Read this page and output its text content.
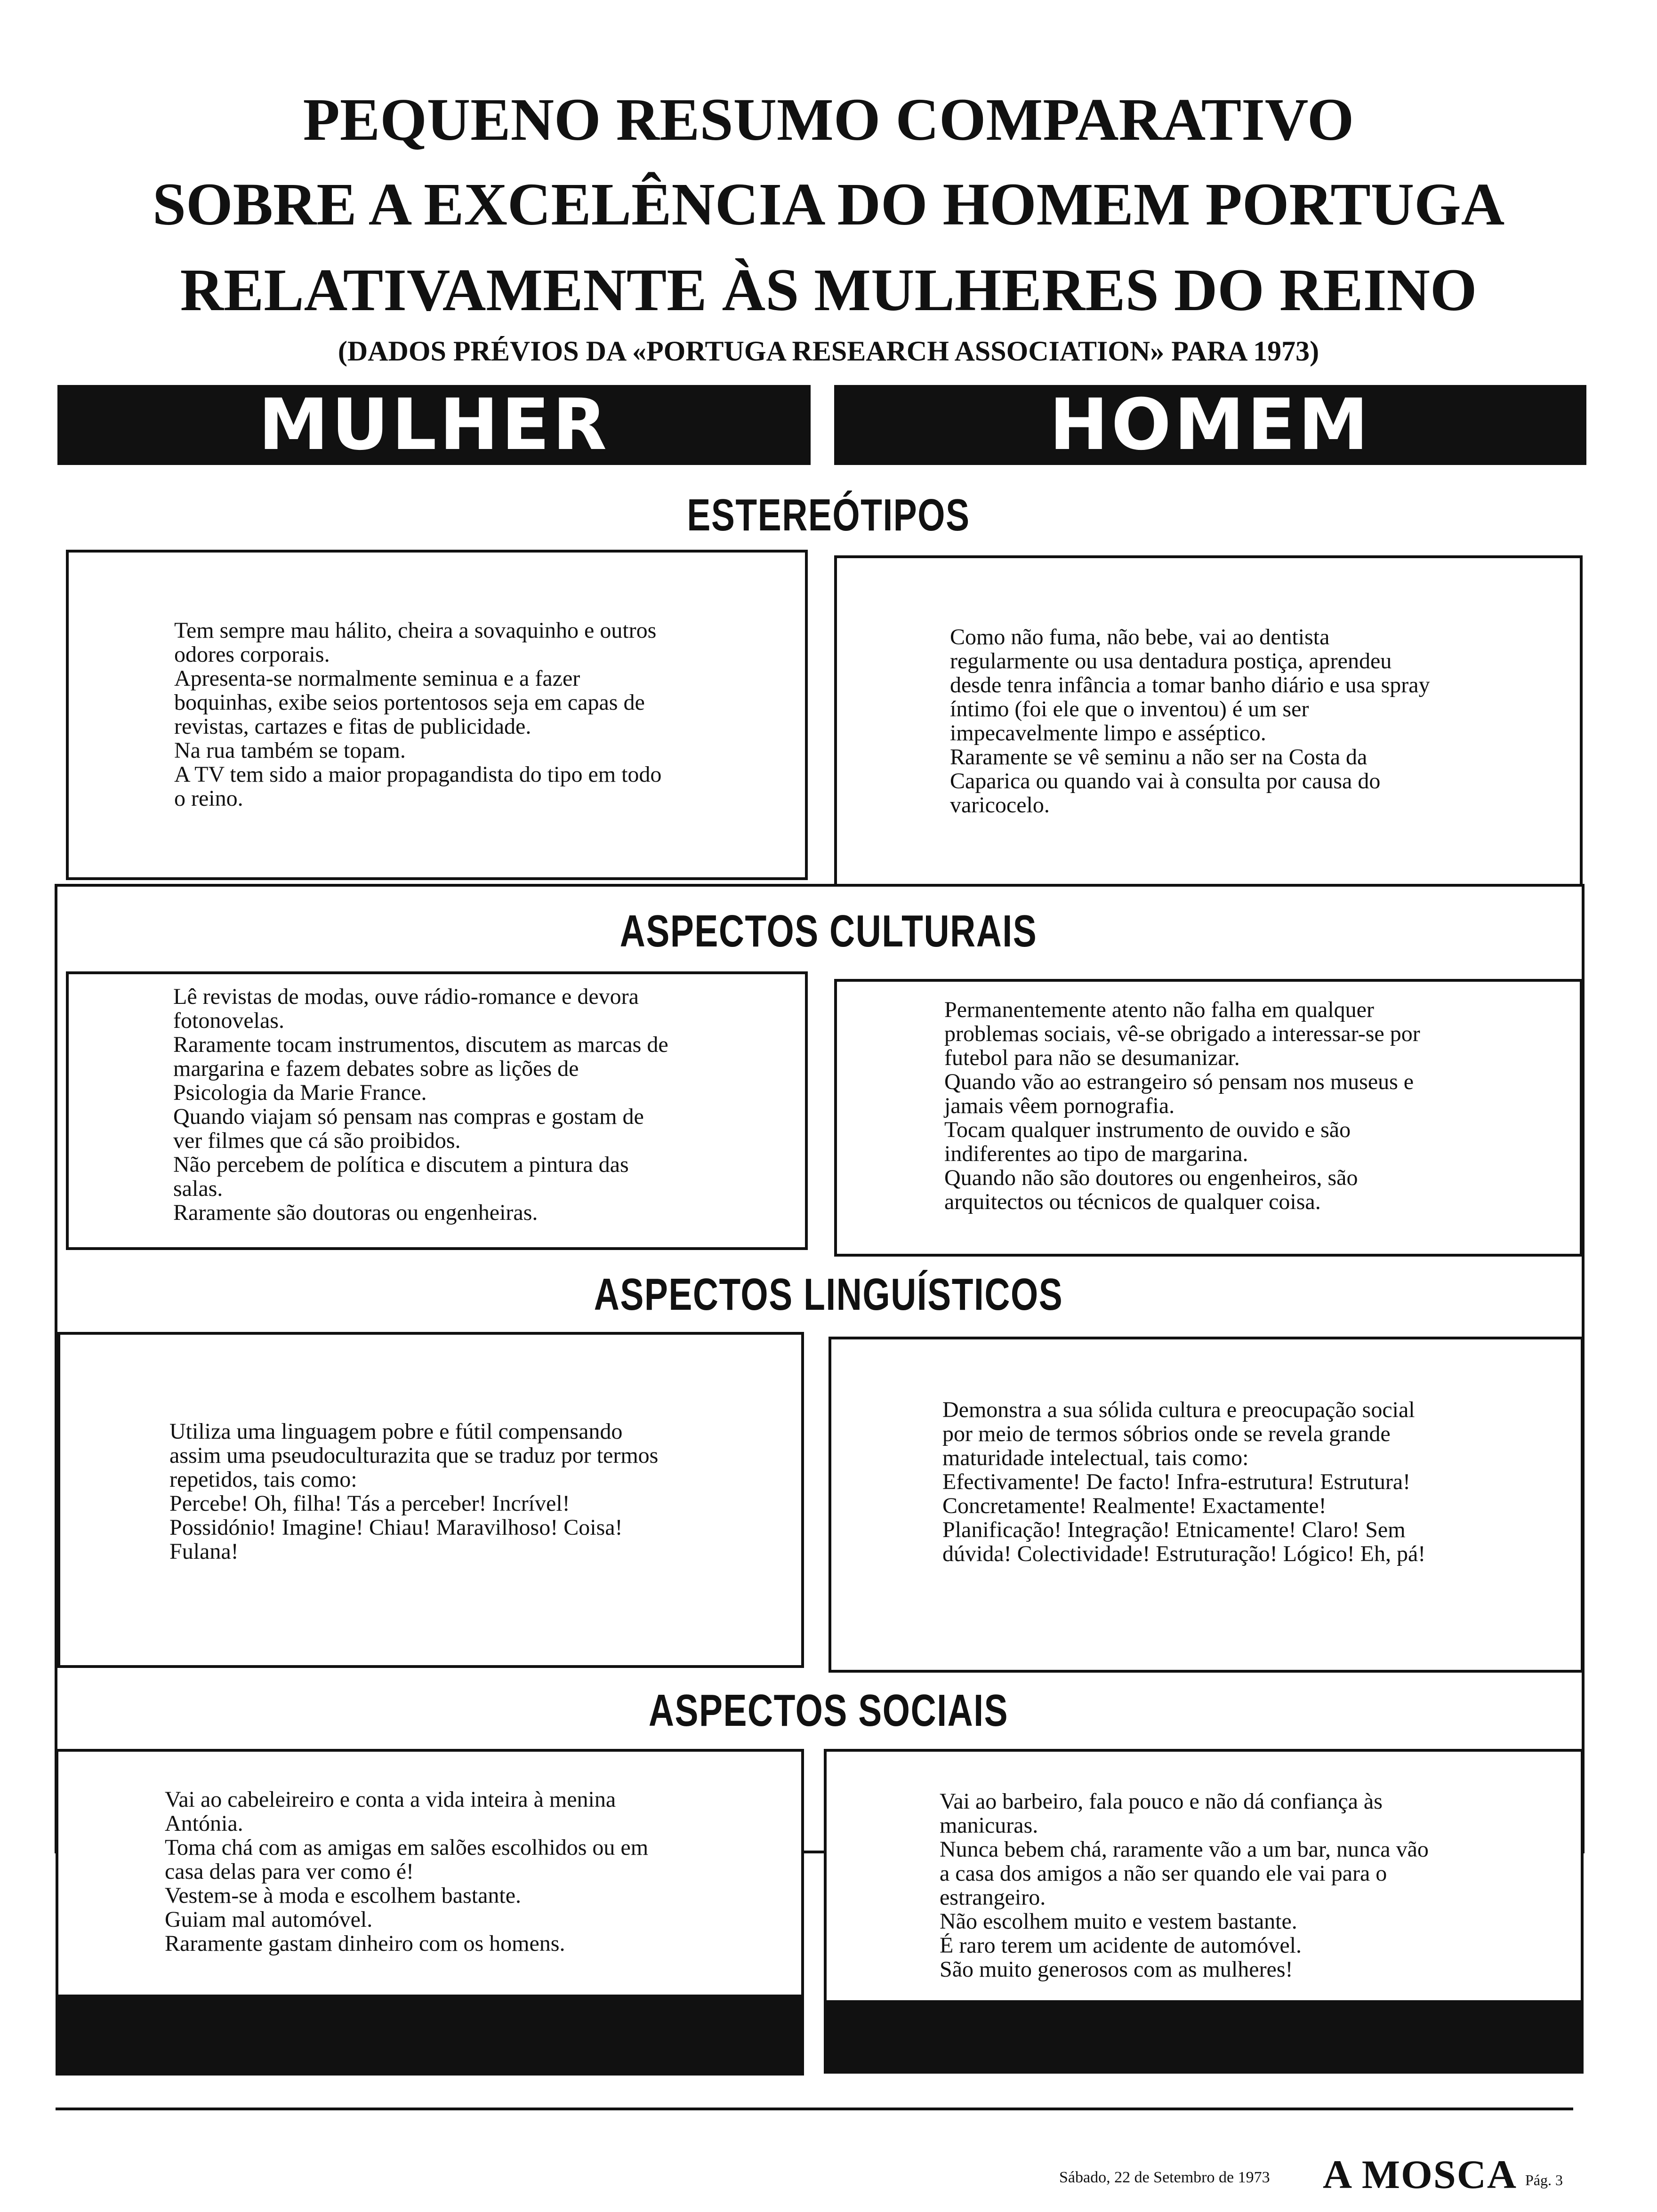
PEQUENO RESUMO COMPARATIVO
SOBRE A EXCELÊNCIA DO HOMEM PORTUGA
RELATIVAMENTE ÀS MULHERES DO REINO
(DADOS PRÉVIOS DA «PORTUGA RESEARCH ASSOCIATION» PARA 1973)
MULHER	HOMEM
ESTEREÓTIPOS
Tem sempre mau hálito, cheira a sovaquinho e outros odores corporais.
Apresenta-se normalmente seminua e a fazer boquinhas, exibe seios portentosos seja em capas de revistas, cartazes e fitas de publicidade.
Na rua também se topam.
A TV tem sido a maior propagandista do tipo em todo o reino.
Como não fuma, não bebe, vai ao dentista regularmente ou usa dentadura postiça, aprendeu desde tenra infância a tomar banho diário e usa spray íntimo (foi ele que o inventou) é um ser impecavelmente limpo e asséptico.
Raramente se vê seminu a não ser na Costa da Caparica ou quando vai à consulta por causa do varicocelo.
ASPECTOS CULTURAIS
Lê revistas de modas, ouve rádio-romance e devora fotonovelas.
Raramente tocam instrumentos, discutem as marcas de margarina e fazem debates sobre as lições de Psicologia da Marie France.
Quando viajam só pensam nas compras e gostam de ver filmes que cá são proibidos.
Não percebem de política e discutem a pintura das salas.
Raramente são doutoras ou engenheiras.
Permanentemente atento não falha em qualquer problemas sociais, vê-se obrigado a interessar-se por futebol para não se desumanizar.
Quando vão ao estrangeiro só pensam nos museus e jamais vêem pornografia.
Tocam qualquer instrumento de ouvido e são indiferentes ao tipo de margarina.
Quando não são doutores ou engenheiros, são arquitectos ou técnicos de qualquer coisa.
ASPECTOS LINGUÍSTICOS
Utiliza uma linguagem pobre e fútil compensando assim uma pseudoculturazita que se traduz por termos repetidos, tais como:
Percebe! Oh, filha! Tás a perceber! Incrível! Possidónio! Imagine! Chiau! Maravilhoso! Coisa! Fulana!
Demonstra a sua sólida cultura e preocupação social por meio de termos sóbrios onde se revela grande maturidade intelectual, tais como:
Efectivamente! De facto! Infra-estrutura! Estrutura! Concretamente! Realmente! Exactamente! Planificação! Integração! Etnicamente! Claro! Sem dúvida! Colectividade! Estruturação! Lógico! Eh, pá!
ASPECTOS SOCIAIS
Vai ao cabeleireiro e conta a vida inteira à menina Antónia.
Toma chá com as amigas em salões escolhidos ou em casa delas para ver como é!
Vestem-se à moda e escolhem bastante.
Guiam mal automóvel.
Raramente gastam dinheiro com os homens.
Vai ao barbeiro, fala pouco e não dá confiança às manicuras.
Nunca bebem chá, raramente vão a um bar, nunca vão a casa dos amigos a não ser quando ele vai para o estrangeiro.
Não escolhem muito e vestem bastante.
É raro terem um acidente de automóvel.
São muito generosos com as mulheres!
Sábado, 22 de Setembro de 1973 A MOSCA Pág. 3
